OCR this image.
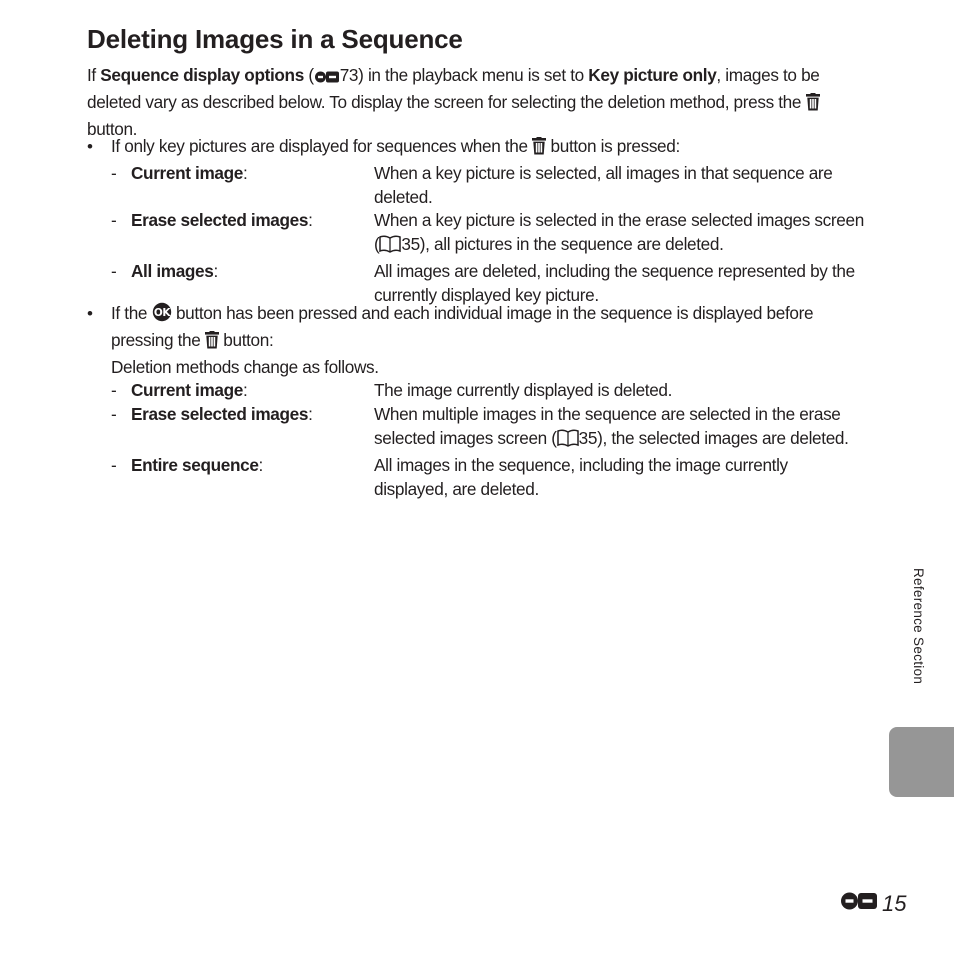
Deleting Images in a Sequence
If Sequence display options ( 73) in the playback menu is set to Key picture only, images to be deleted vary as described below. To display the screen for selecting the deletion method, press the  button.
•	If only key pictures are displayed for sequences when the  button is pressed:
- Current image:	When a key picture is selected, all images in that sequence are deleted.
- Erase selected images:	When a key picture is selected in the erase selected images screen ( 35), all pictures in the sequence are deleted.
- All images:	All images are deleted, including the sequence represented by the currently displayed key picture.
•	If the OK button has been pressed and each individual image in the sequence is displayed before pressing the  button:
Deletion methods change as follows.
- Current image:	The image currently displayed is deleted.
- Erase selected images:	When multiple images in the sequence are selected in the erase selected images screen ( 35), the selected images are deleted.
- Entire sequence:	All images in the sequence, including the image currently displayed, are deleted.
Reference Section
15
